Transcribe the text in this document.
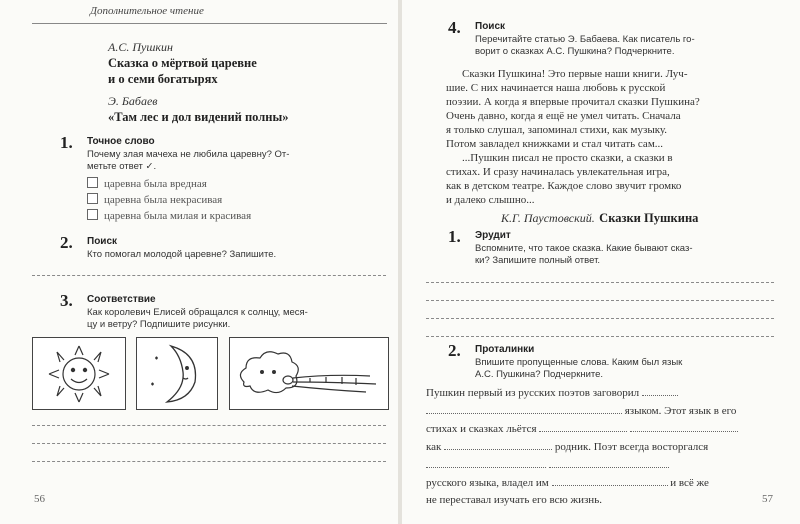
Дополнительное чтение
А.С. Пушкин
Сказка о мёртвой царевне
и о семи богатырях
Э. Бабаев
«Там лес и дол видений полны»
1. Точное слово
Почему злая мачеха не любила царевну? От-
метьте ответ ✓.
царевна была вредная
царевна была некрасивая
царевна была милая и красивая
2. Поиск
Кто помогал молодой царевне? Запишите.
3. Соответствие
Как королевич Елисей обращался к солнцу, меся-
цу и ветру? Подпишите рисунки.
56
4. Поиск
Перечитайте статью Э. Бабаева. Как писатель го-
ворит о сказках А.С. Пушкина? Подчеркните.
Сказки Пушкина! Это первые наши книги. Луч-
шие. С них начинается наша любовь к русской
поэзии. А когда я впервые прочитал сказки Пушкина?
Очень давно, когда я ещё не умел читать. Сначала
я только слушал, запоминал стихи, как музыку.
Потом завладел книжками и стал читать сам...
...Пушкин писал не просто сказки, а сказки в
стихах. И сразу начиналась увлекательная игра,
как в детском театре. Каждое слово звучит громко
и далеко слышно...
К.Г. Паустовский. Сказки Пушкина
1. Эрудит
Вспомните, что такое сказка. Какие бывают сказ-
ки? Запишите полный ответ.
2. Проталинки
Впишите пропущенные слова. Каким был язык
А.С. Пушкина? Подчеркните.
Пушкин первый из русских поэтов заговорил
языком. Этот язык в его
стихах и сказках льётся
как	родник. Поэт всегда восторгался

русского языка, владел им	и всё же
не переставал изучать его всю жизнь.	57
